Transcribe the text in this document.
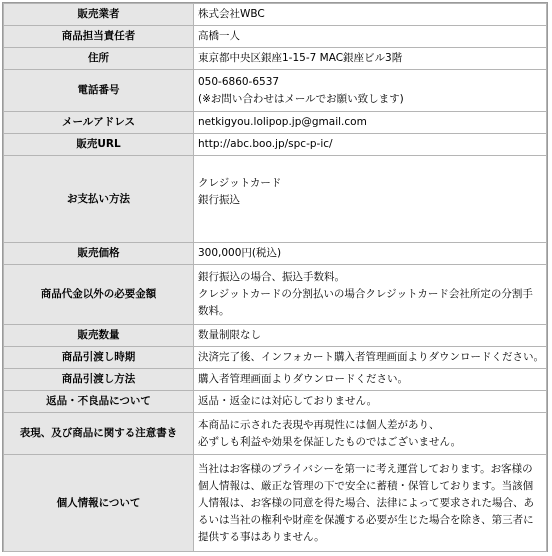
販売業者	株式会社WBC
商品担当責任者	高橋一人
住所	東京都中央区銀座1-15-7 MAC銀座ビル3階
電話番号	050-6860-6537
(※お問い合わせはメールでお願い致します)

メールアドレス	netkigyou.lolipop.jp@gmail.com
販売URL	http://abc.boo.jp/spc-p-ic/
お支払い方法	クレジットカード
銀行振込

販売価格	300,000円(税込)
商品代金以外の必要金額	銀行振込の場合、振込手数料。
クレジットカードの分割払いの場合クレジットカード会社所定の分割手数料。

販売数量	数量制限なし
商品引渡し時期	決済完了後、インフォカート購入者管理画面よりダウンロードください。
商品引渡し方法	購入者管理画面よりダウンロードください。
返品・不良品について	返品・返金には対応しておりません。
表現、及び商品に関する注意書き	本商品に示された表現や再現性には個人差があり、
必ずしも利益や効果を保証したものではございません。

個人情報について	当社はお客様のプライバシーを第一に考え運営しております。お客様の個人情報は、厳正な管理の下で安全に蓄積・保管しております。当該個人情報は、お客様の同意を得た場合、法律によって要求された場合、あるいは当社の権利や財産を保護する必要が生じた場合を除き、第三者に提供する事はありません。
